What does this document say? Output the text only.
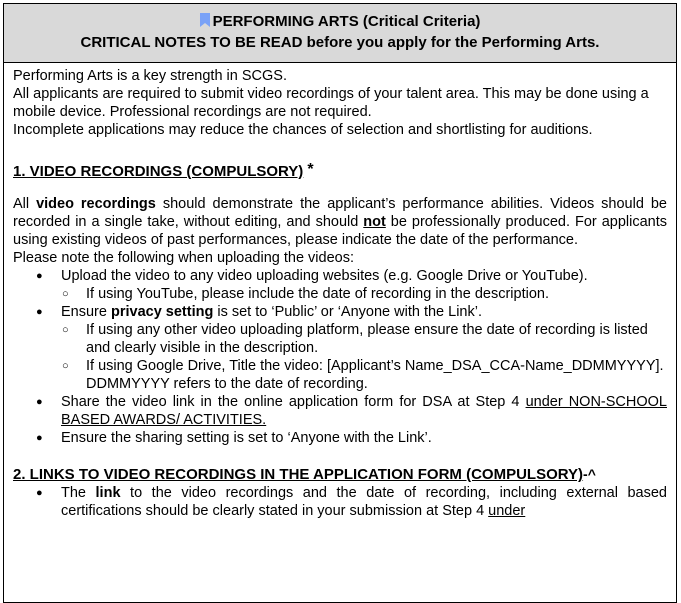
PERFORMING ARTS (Critical Criteria)
CRITICAL NOTES TO BE READ before you apply for the Performing Arts.

Performing Arts is a key strength in SCGS.

All applicants are required to submit video recordings of your talent area. This may be done using a mobile device. Professional recordings are not required.

Incomplete applications may reduce the chances of selection and shortlisting for auditions.

1. VIDEO RECORDINGS (COMPULSORY) *

All video recordings should demonstrate the applicant’s performance abilities. Videos should be recorded in a single take, without editing, and should not be professionally produced. For applicants using existing videos of past performances, please indicate the date of the performance.

Please note the following when uploading the videos:

● Upload the video to any video uploading websites (e.g. Google Drive or YouTube).
○ If using YouTube, please include the date of recording in the description.
● Ensure privacy setting is set to ‘Public’ or ‘Anyone with the Link’.
○ If using any other video uploading platform, please ensure the date of recording is listed and clearly visible in the description.
○ If using Google Drive, Title the video: [Applicant’s Name_DSA_CCA-Name_DDMMYYYY]. DDMMYYYY refers to the date of recording.
● Share the video link in the online application form for DSA at Step 4 under NON-SCHOOL BASED AWARDS/ ACTIVITIES.
● Ensure the sharing setting is set to ‘Anyone with the Link’.

2. LINKS TO VIDEO RECORDINGS IN THE APPLICATION FORM (COMPULSORY)-^

● The link to the video recordings and the date of recording, including external based certifications should be clearly stated in your submission at Step 4 under
